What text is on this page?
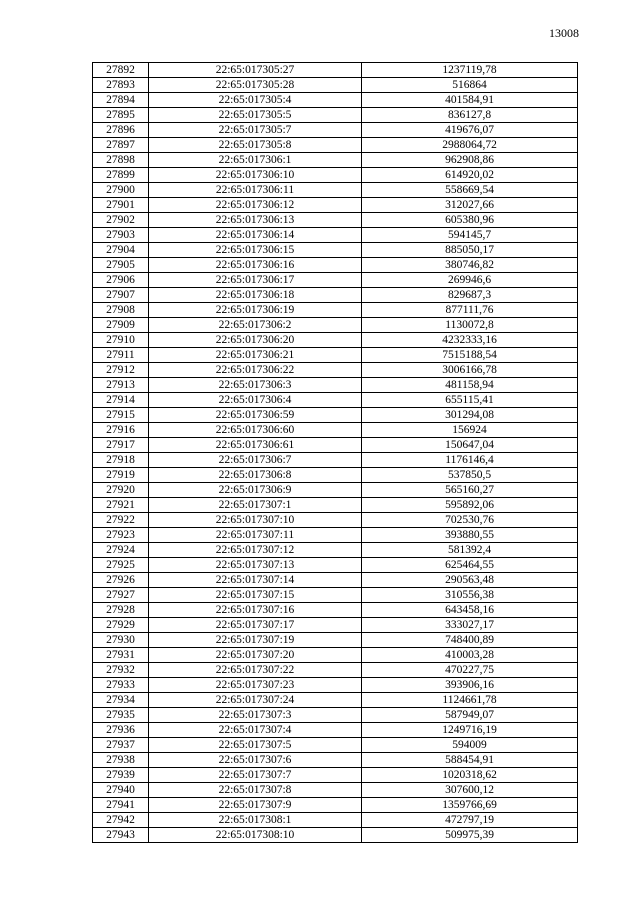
13008
27892	22:65:017305:27	1237119,78
27893	22:65:017305:28	516864
27894	22:65:017305:4	401584,91
27895	22:65:017305:5	836127,8
27896	22:65:017305:7	419676,07
27897	22:65:017305:8	2988064,72
27898	22:65:017306:1	962908,86
27899	22:65:017306:10	614920,02
27900	22:65:017306:11	558669,54
27901	22:65:017306:12	312027,66
27902	22:65:017306:13	605380,96
27903	22:65:017306:14	594145,7
27904	22:65:017306:15	885050,17
27905	22:65:017306:16	380746,82
27906	22:65:017306:17	269946,6
27907	22:65:017306:18	829687,3
27908	22:65:017306:19	877111,76
27909	22:65:017306:2	1130072,8
27910	22:65:017306:20	4232333,16
27911	22:65:017306:21	7515188,54
27912	22:65:017306:22	3006166,78
27913	22:65:017306:3	481158,94
27914	22:65:017306:4	655115,41
27915	22:65:017306:59	301294,08
27916	22:65:017306:60	156924
27917	22:65:017306:61	150647,04
27918	22:65:017306:7	1176146,4
27919	22:65:017306:8	537850,5
27920	22:65:017306:9	565160,27
27921	22:65:017307:1	595892,06
27922	22:65:017307:10	702530,76
27923	22:65:017307:11	393880,55
27924	22:65:017307:12	581392,4
27925	22:65:017307:13	625464,55
27926	22:65:017307:14	290563,48
27927	22:65:017307:15	310556,38
27928	22:65:017307:16	643458,16
27929	22:65:017307:17	333027,17
27930	22:65:017307:19	748400,89
27931	22:65:017307:20	410003,28
27932	22:65:017307:22	470227,75
27933	22:65:017307:23	393906,16
27934	22:65:017307:24	1124661,78
27935	22:65:017307:3	587949,07
27936	22:65:017307:4	1249716,19
27937	22:65:017307:5	594009
27938	22:65:017307:6	588454,91
27939	22:65:017307:7	1020318,62
27940	22:65:017307:8	307600,12
27941	22:65:017307:9	1359766,69
27942	22:65:017308:1	472797,19
27943	22:65:017308:10	509975,39
